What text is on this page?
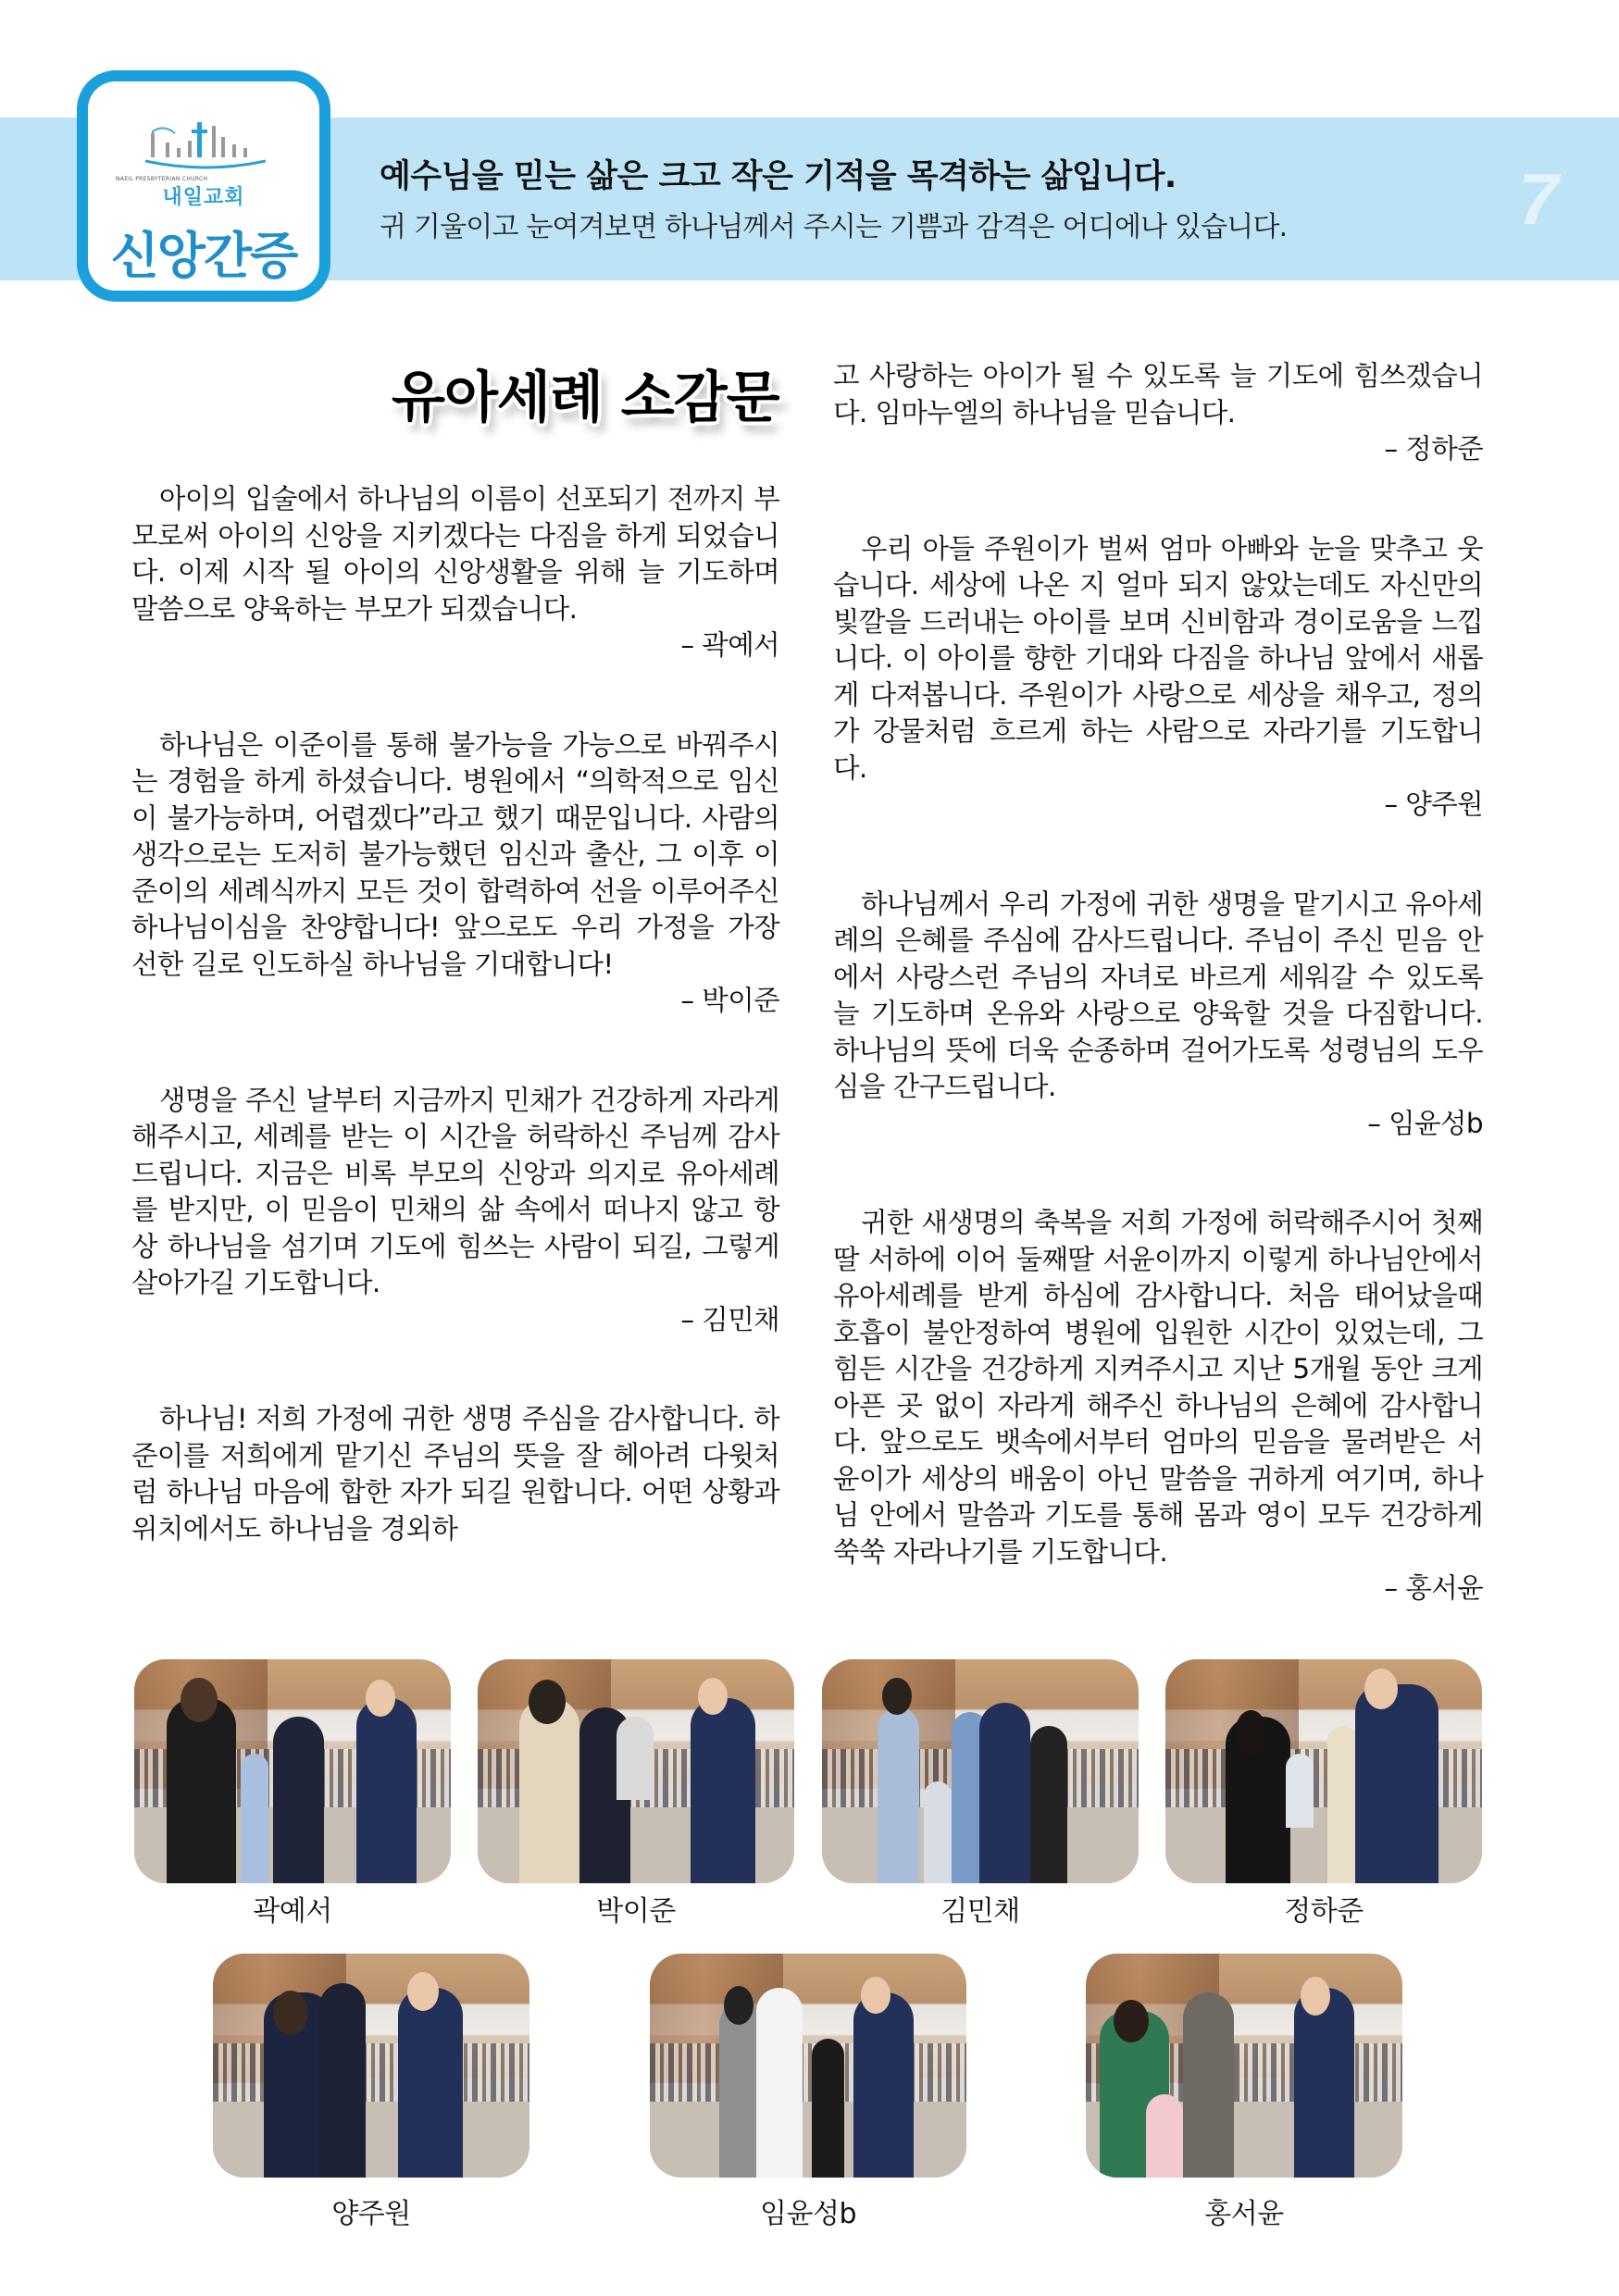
NAEIL PRESBYTERIAN CHURCH
내일교회
신앙간증
예수님을 믿는 삶은 크고 작은 기적을 목격하는 삶입니다.
귀 기울이고 눈여겨보면 하나님께서 주시는 기쁨과 감격은 어디에나 있습니다.	7
유아세례 소감문

아이의 입술에서 하나님의 이름이 선포되기 전까지 부모로써 아이의 신앙을 지키겠다는 다짐을 하게 되었습니다. 이제 시작 될 아이의 신앙생활을 위해 늘 기도하며 말씀으로 양육하는 부모가 되겠습니다.

– 곽예서

하나님은 이준이를 통해 불가능을 가능으로 바꿔주시는 경험을 하게 하셨습니다. 병원에서 “의학적으로 임신이 불가능하며, 어렵겠다”라고 했기 때문입니다. 사람의 생각으로는 도저히 불가능했던 임신과 출산, 그 이후 이준이의 세례식까지 모든 것이 합력하여 선을 이루어주신 하나님이심을 찬양합니다! 앞으로도 우리 가정을 가장 선한 길로 인도하실 하나님을 기대합니다!

– 박이준

생명을 주신 날부터 지금까지 민채가 건강하게 자라게 해주시고, 세례를 받는 이 시간을 허락하신 주님께 감사드립니다. 지금은 비록 부모의 신앙과 의지로 유아세례를 받지만, 이 믿음이 민채의 삶 속에서 떠나지 않고 항상 하나님을 섬기며 기도에 힘쓰는 사람이 되길, 그렇게 살아가길 기도합니다.

– 김민채

하나님! 저희 가정에 귀한 생명 주심을 감사합니다. 하준이를 저희에게 맡기신 주님의 뜻을 잘 헤아려 다윗처럼 하나님 마음에 합한 자가 되길 원합니다. 어떤 상황과 위치에서도 하나님을 경외하

고 사랑하는 아이가 될 수 있도록 늘 기도에 힘쓰겠습니다. 임마누엘의 하나님을 믿습니다.

– 정하준

우리 아들 주원이가 벌써 엄마 아빠와 눈을 맞추고 웃습니다. 세상에 나온 지 얼마 되지 않았는데도 자신만의 빛깔을 드러내는 아이를 보며 신비함과 경이로움을 느낍니다. 이 아이를 향한 기대와 다짐을 하나님 앞에서 새롭게 다져봅니다. 주원이가 사랑으로 세상을 채우고, 정의가 강물처럼 흐르게 하는 사람으로 자라기를 기도합니다.

– 양주원

하나님께서 우리 가정에 귀한 생명을 맡기시고 유아세례의 은혜를 주심에 감사드립니다. 주님이 주신 믿음 안에서 사랑스런 주님의 자녀로 바르게 세워갈 수 있도록 늘 기도하며 온유와 사랑으로 양육할 것을 다짐합니다. 하나님의 뜻에 더욱 순종하며 걸어가도록 성령님의 도우심을 간구드립니다.

– 임윤성b

귀한 새생명의 축복을 저희 가정에 허락해주시어 첫째딸 서하에 이어 둘째딸 서윤이까지 이렇게 하나님안에서 유아세례를 받게 하심에 감사합니다. 처음 태어났을때 호흡이 불안정하여 병원에 입원한 시간이 있었는데, 그 힘든 시간을 건강하게 지켜주시고 지난 5개월 동안 크게 아픈 곳 없이 자라게 해주신 하나님의 은혜에 감사합니다. 앞으로도 뱃속에서부터 엄마의 믿음을 물려받은 서윤이가 세상의 배움이 아닌 말씀을 귀하게 여기며, 하나님 안에서 말씀과 기도를 통해 몸과 영이 모두 건강하게 쑥쑥 자라나기를 기도합니다.

– 홍서윤

곽예서	박이준	김민채	정하준
양주원	임윤성b	홍서윤
